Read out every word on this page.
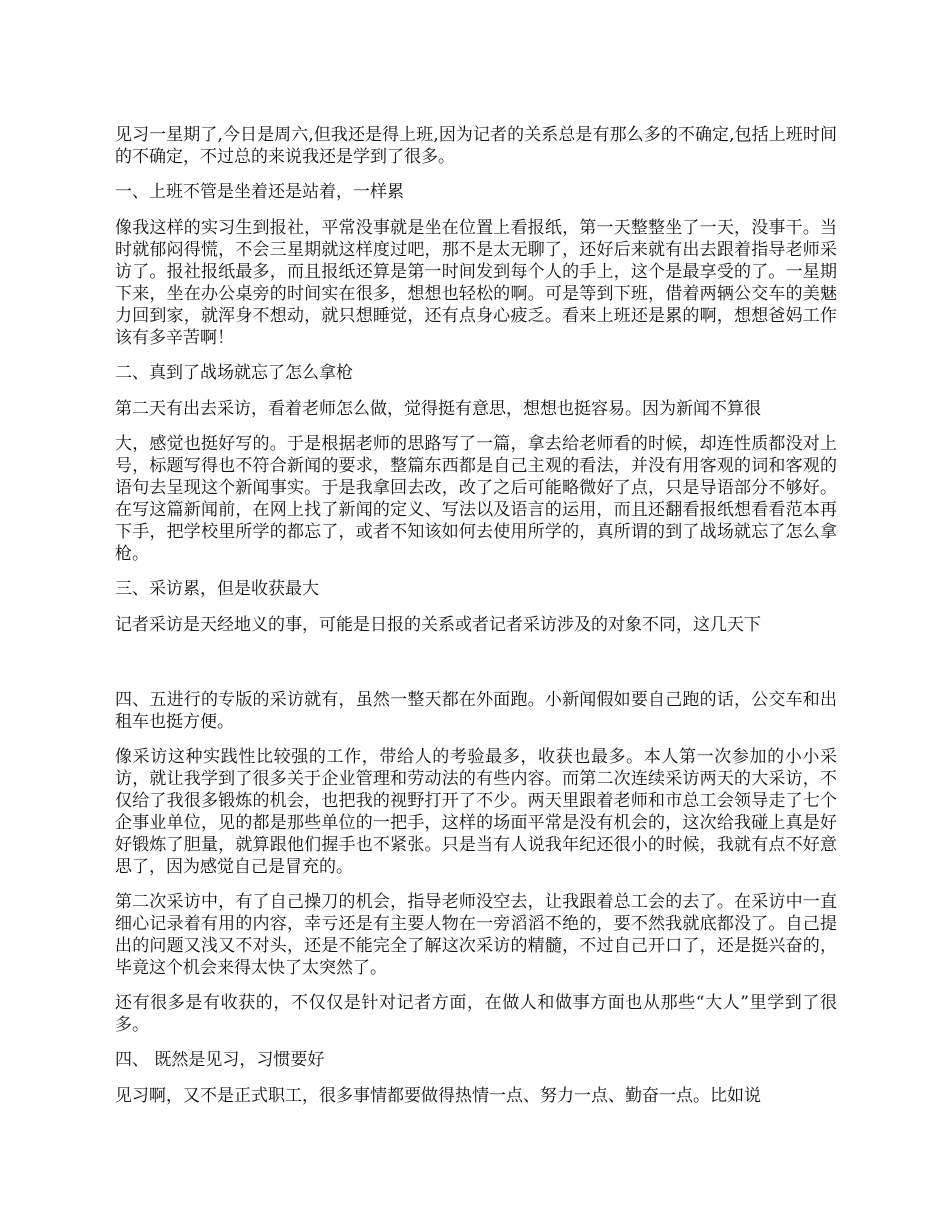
见习一星期了,今日是周六,但我还是得上班,因为记者的关系总是有那么多的不确定,包括上班时间的不确定，不过总的来说我还是学到了很多。

一、上班不管是坐着还是站着，一样累

像我这样的实习生到报社，平常没事就是坐在位置上看报纸，第一天整整坐了一天，没事干。当时就郁闷得慌，不会三星期就这样度过吧，那不是太无聊了，还好后来就有出去跟着指导老师采访了。报社报纸最多，而且报纸还算是第一时间发到每个人的手上，这个是最享受的了。一星期下来，坐在办公桌旁的时间实在很多，想想也轻松的啊。可是等到下班，借着两辆公交车的美魅力回到家，就浑身不想动，就只想睡觉，还有点身心疲乏。看来上班还是累的啊，想想爸妈工作该有多辛苦啊！

二、真到了战场就忘了怎么拿枪

第二天有出去采访，看着老师怎么做，觉得挺有意思，想想也挺容易。因为新闻不算很

大，感觉也挺好写的。于是根据老师的思路写了一篇，拿去给老师看的时候，却连性质都没对上号，标题写得也不符合新闻的要求，整篇东西都是自己主观的看法，并没有用客观的词和客观的语句去呈现这个新闻事实。于是我拿回去改，改了之后可能略微好了点，只是导语部分不够好。在写这篇新闻前，在网上找了新闻的定义、写法以及语言的运用，而且还翻看报纸想看看范本再下手，把学校里所学的都忘了，或者不知该如何去使用所学的，真所谓的到了战场就忘了怎么拿枪。

三、采访累，但是收获最大

记者采访是天经地义的事，可能是日报的关系或者记者采访涉及的对象不同，这几天下

四、五进行的专版的采访就有，虽然一整天都在外面跑。小新闻假如要自己跑的话，公交车和出租车也挺方便。

像采访这种实践性比较强的工作，带给人的考验最多，收获也最多。本人第一次参加的小小采访，就让我学到了很多关于企业管理和劳动法的有些内容。而第二次连续采访两天的大采访，不仅给了我很多锻炼的机会，也把我的视野打开了不少。两天里跟着老师和市总工会领导走了七个企事业单位，见的都是那些单位的一把手，这样的场面平常是没有机会的，这次给我碰上真是好好锻炼了胆量，就算跟他们握手也不紧张。只是当有人说我年纪还很小的时候，我就有点不好意思了，因为感觉自己是冒充的。

第二次采访中，有了自己操刀的机会，指导老师没空去，让我跟着总工会的去了。在采访中一直细心记录着有用的内容，幸亏还是有主要人物在一旁滔滔不绝的，要不然我就底都没了。自己提出的问题又浅又不对头，还是不能完全了解这次采访的精髓，不过自己开口了，还是挺兴奋的，毕竟这个机会来得太快了太突然了。

还有很多是有收获的，不仅仅是针对记者方面，在做人和做事方面也从那些“大人”里学到了很多。

四、 既然是见习，习惯要好

见习啊，又不是正式职工，很多事情都要做得热情一点、努力一点、勤奋一点。比如说
